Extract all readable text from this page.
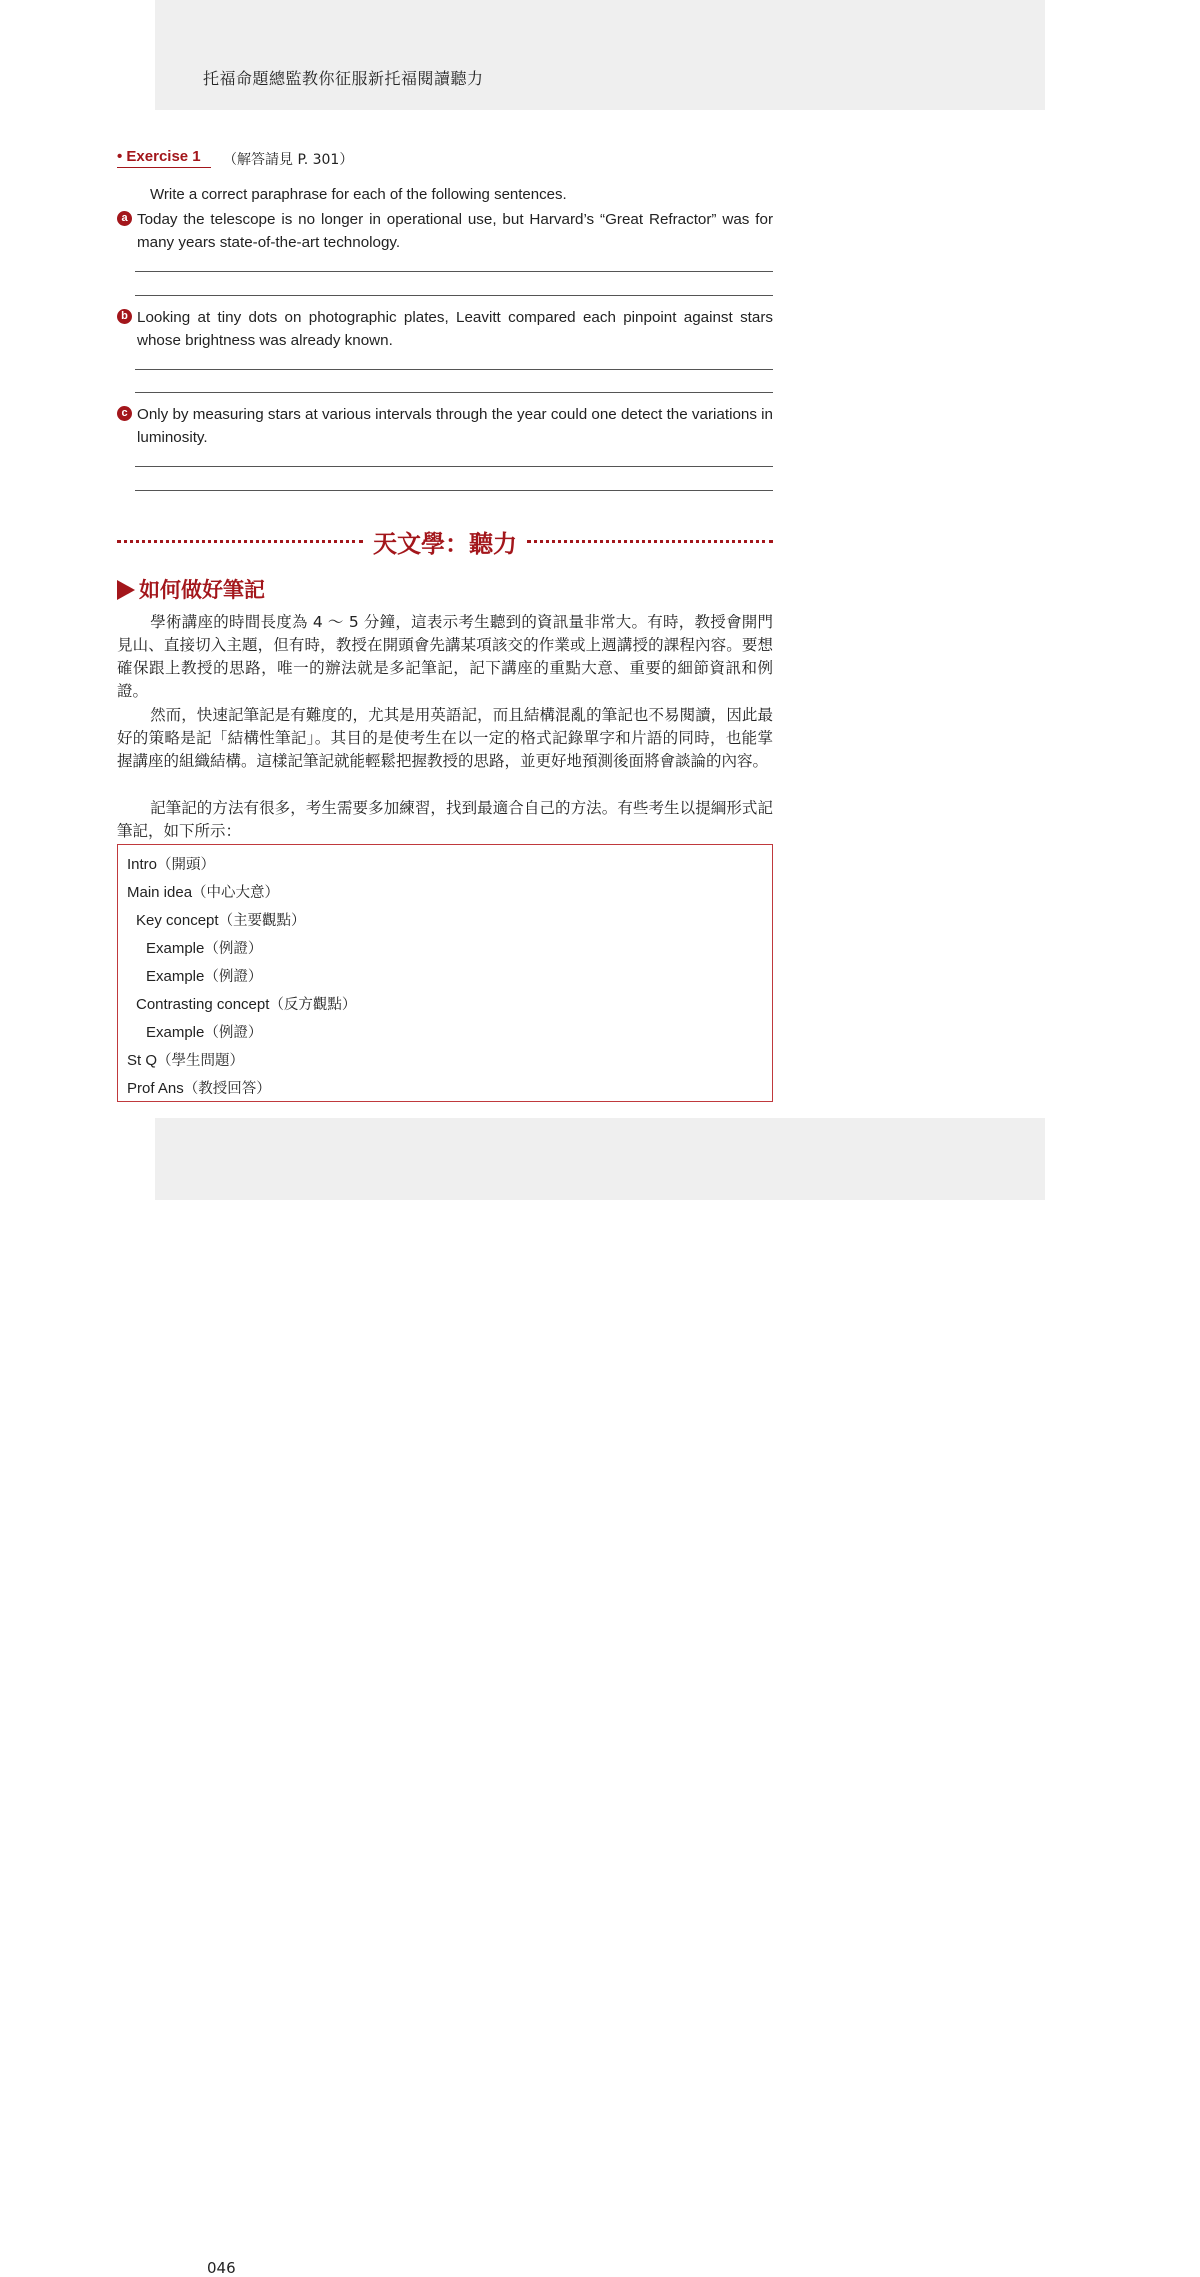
托福命題總監教你征服新托福閱讀聽力
046
• Exercise 1 （解答請見 P. 301）
Write a correct paraphrase for each of the following sentences.
a Today the telescope is no longer in operational use, but Harvard’s “Great Refractor” was for many years state-of-the-art technology.
b Looking at tiny dots on photographic plates, Leavitt compared each pinpoint against stars whose brightness was already known.
c Only by measuring stars at various intervals through the year could one detect the variations in luminosity.
天文學：聽力
如何做好筆記
學術講座的時間長度為 4 ～ 5 分鐘，這表示考生聽到的資訊量非常大。有時，教授會開門見山、直接切入主題，但有時，教授在開頭會先講某項該交的作業或上週講授的課程內容。要想確保跟上教授的思路，唯一的辦法就是多記筆記，記下講座的重點大意、重要的細節資訊和例證。
然而，快速記筆記是有難度的，尤其是用英語記，而且結構混亂的筆記也不易閱讀，因此最好的策略是記「結構性筆記」。其目的是使考生在以一定的格式記錄單字和片語的同時，也能掌握講座的組織結構。這樣記筆記就能輕鬆把握教授的思路，並更好地預測後面將會談論的內容。
記筆記的方法有很多，考生需要多加練習，找到最適合自己的方法。有些考生以提綱形式記筆記，如下所示：
Intro（開頭）
Main idea（中心大意）
Key concept（主要觀點）
Example（例證）
Example（例證）
Contrasting concept（反方觀點）
Example（例證）
St Q（學生問題）
Prof Ans（教授回答）
